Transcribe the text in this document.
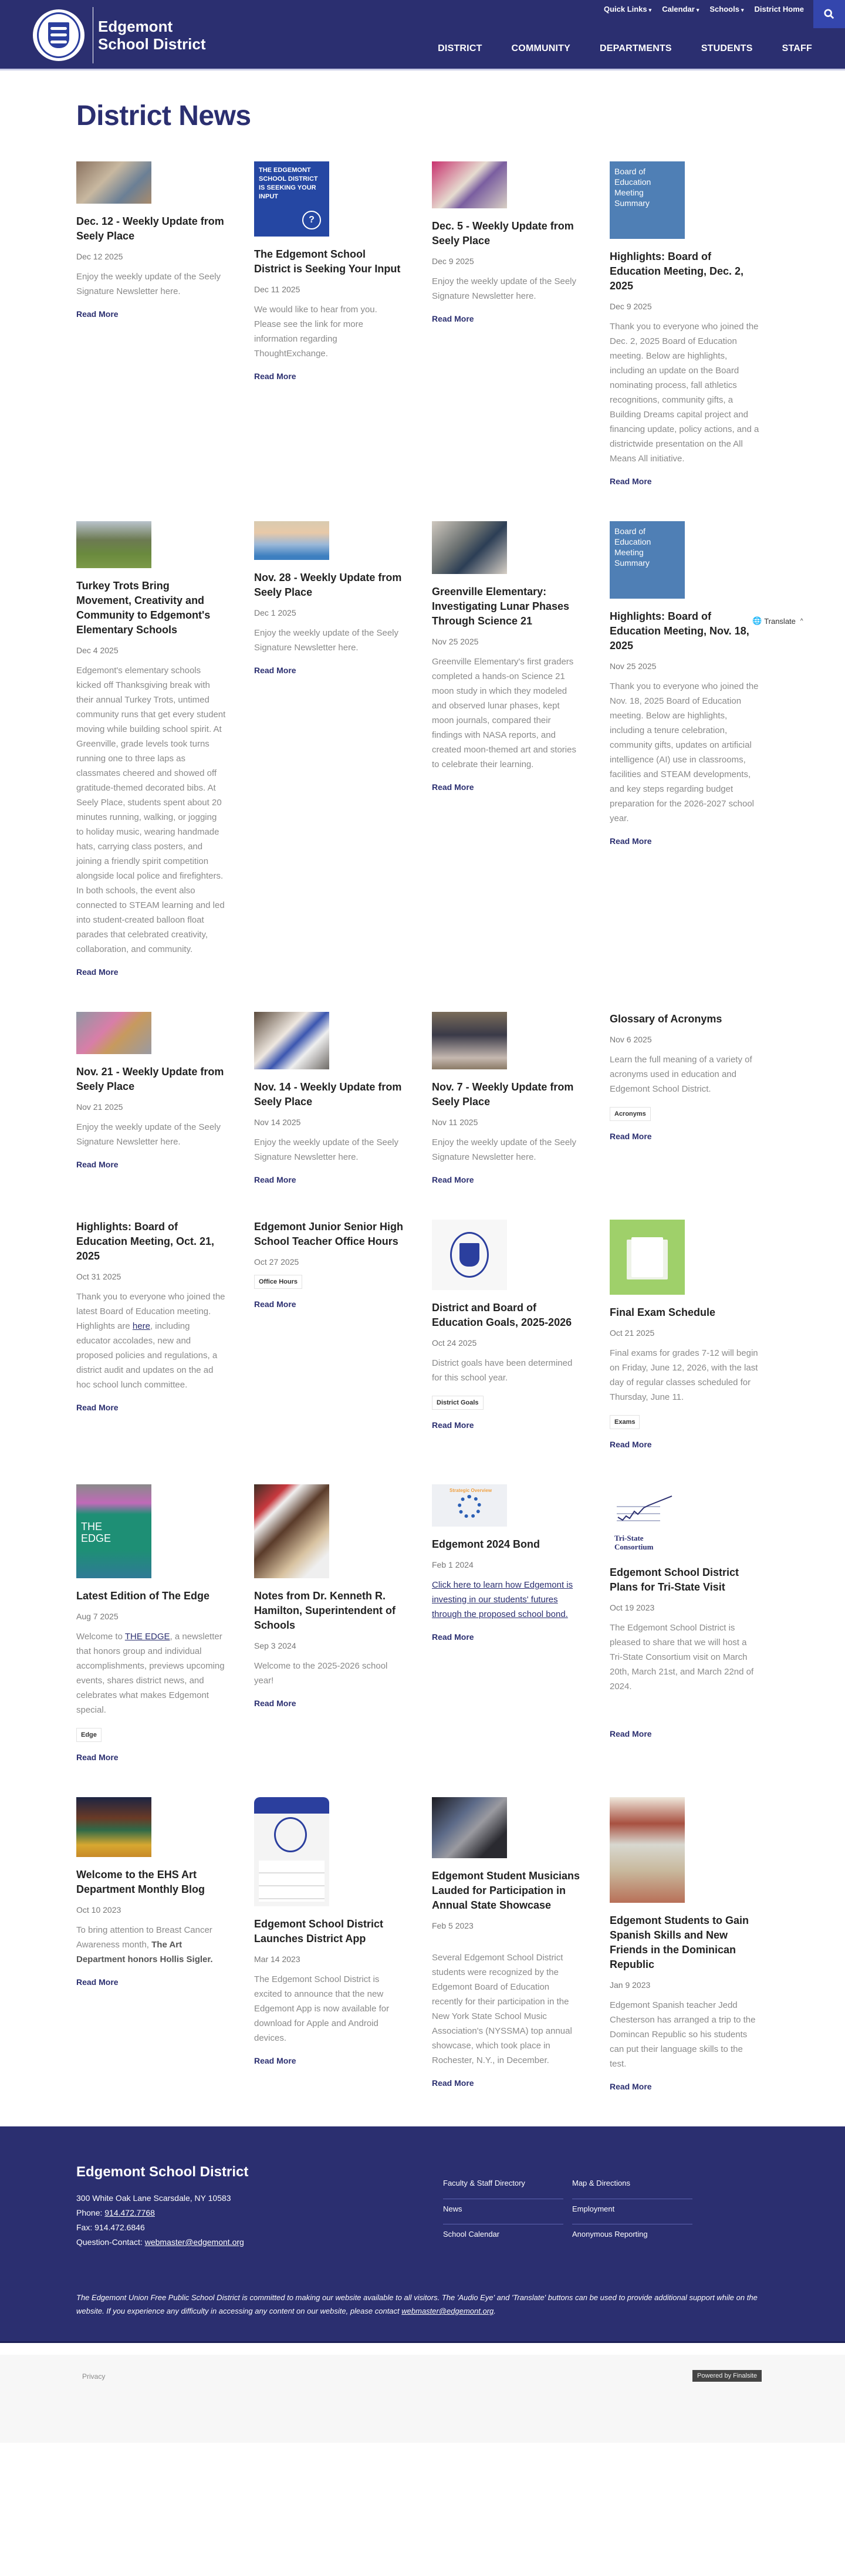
Edgemont
School District
Quick Links ▾ Calendar ▾ Schools ▾ District Home
DISTRICT	COMMUNITY	DEPARTMENTS	STUDENTS	STAFF
District News
Dec. 12 - Weekly Update from Seely Place
Dec 12 2025

Enjoy the weekly update of the Seely Signature Newsletter here.

Read More
THE EDGEMONT SCHOOL DISTRICT IS SEEKING YOUR INPUT
?
The Edgemont School District is Seeking Your Input
Dec 11 2025

We would like to hear from you. Please see the link for more information regarding ThoughtExchange.

Read More
Dec. 5 - Weekly Update from Seely Place
Dec 9 2025

Enjoy the weekly update of the Seely Signature Newsletter here.

Read More
Board of Education Meeting Summary
Highlights: Board of Education Meeting, Dec. 2, 2025
Dec 9 2025

Thank you to everyone who joined the Dec. 2, 2025 Board of Education meeting. Below are highlights, including an update on the Board nominating process, fall athletics recognitions, community gifts, a Building Dreams capital project and financing update, policy actions, and a districtwide presentation on the All Means All initiative.

Read More
Turkey Trots Bring Movement, Creativity and Community to Edgemont's Elementary Schools
Dec 4 2025

Edgemont's elementary schools kicked off Thanksgiving break with their annual Turkey Trots, untimed community runs that get every student moving while building school spirit. At Greenville, grade levels took turns running one to three laps as classmates cheered and showed off gratitude-themed decorated bibs. At Seely Place, students spent about 20 minutes running, walking, or jogging to holiday music, wearing handmade hats, carrying class posters, and joining a friendly spirit competition alongside local police and firefighters. In both schools, the event also connected to STEAM learning and led into student-created balloon float parades that celebrated creativity, collaboration, and community.

Read More
Nov. 28 - Weekly Update from Seely Place
Dec 1 2025

Enjoy the weekly update of the Seely Signature Newsletter here.

Read More
Greenville Elementary: Investigating Lunar Phases Through Science 21
Nov 25 2025

Greenville Elementary's first graders completed a hands-on Science 21 moon study in which they modeled and observed lunar phases, kept moon journals, compared their findings with NASA reports, and created moon-themed art and stories to celebrate their learning.

Read More
Board of Education Meeting Summary
Highlights: Board of Education Meeting, Nov. 18, 2025
Nov 25 2025

Thank you to everyone who joined the Nov. 18, 2025 Board of Education meeting. Below are highlights, including a tenure celebration, community gifts, updates on artificial intelligence (AI) use in classrooms, facilities and STEAM developments, and key steps regarding budget preparation for the 2026-2027 school year.

Read More
Nov. 21 - Weekly Update from Seely Place
Nov 21 2025

Enjoy the weekly update of the Seely Signature Newsletter here.

Read More
Nov. 14 - Weekly Update from Seely Place
Nov 14 2025

Enjoy the weekly update of the Seely Signature Newsletter here.

Read More
Nov. 7 - Weekly Update from Seely Place
Nov 11 2025

Enjoy the weekly update of the Seely Signature Newsletter here.

Read More
Glossary of Acronyms
Nov 6 2025

Learn the full meaning of a variety of acronyms used in education and Edgemont School District.

Acronyms
Read More
Highlights: Board of Education Meeting, Oct. 21, 2025
Oct 31 2025

Thank you to everyone who joined the latest Board of Education meeting. Highlights are here, including educator accolades, new and proposed policies and regulations, a district audit and updates on the ad hoc school lunch committee.

Read More
Edgemont Junior Senior High School Teacher Office Hours
Oct 27 2025
Office Hours
Read More	District and Board of Education Goals, 2025-2026
Oct 24 2025

District goals have been determined for this school year.

District Goals
Read More
Final Exam Schedule
Oct 21 2025

Final exams for grades 7-12 will begin on Friday, June 12, 2026, with the last day of regular classes scheduled for Thursday, June 11.

Exams
Read More
THE EDGE
Latest Edition of The Edge
Aug 7 2025

Welcome to THE EDGE, a newsletter that honors group and individual accomplishments, previews upcoming events, shares district news, and celebrates what makes Edgemont special.

Edge
Read More
Notes from Dr. Kenneth R. Hamilton, Superintendent of Schools
Sep 3 2024

Welcome to the 2025-2026 school year!

Read More
Strategic Overview
Edgemont 2024 Bond
Feb 1 2024

Click here to learn how Edgemont is investing in our students' futures through the proposed school bond.

Read More
Tri-State Consortium
Edgemont School District Plans for Tri-State Visit
Oct 19 2023

The Edgemont School District is pleased to share that we will host a Tri-State Consortium visit on March 20th, March 21st, and March 22nd of 2024.

Read More
Welcome to the EHS Art Department Monthly Blog
Oct 10 2023

To bring attention to Breast Cancer Awareness month, The Art Department honors Hollis Sigler.

Read More
Edgemont School District Launches District App
Mar 14 2023

The Edgemont School District is excited to announce that the new Edgemont App is now available for download for Apple and Android devices.

Read More
Edgemont Student Musicians Lauded for Participation in Annual State Showcase
Feb 5 2023

Several Edgemont School District students were recognized by the Edgemont Board of Education recently for their participation in the New York State School Music Association's (NYSSMA) top annual showcase, which took place in Rochester, N.Y., in December.

Read More
Edgemont Students to Gain Spanish Skills and New Friends in the Dominican Republic
Jan 9 2023

Edgemont Spanish teacher Jedd Chesterson has arranged a trip to the Domincan Republic so his students can put their language skills to the test.

Read More
🌐 Translate ^
Edgemont School District

300 White Oak Lane Scarsdale, NY 10583

Phone: 914.472.7768

Fax: 914.472.6846

Question-Contact: webmaster@edgemont.org

Faculty & Staff Directory	Map & Directions
News	Employment
School Calendar	Anonymous Reporting

The Edgemont Union Free Public School District is committed to making our website available to all visitors. The 'Audio Eye' and 'Translate' buttons can be used to provide additional support while on the website. If you experience any difficulty in accessing any content on our website, please contact webmaster@edgemont.org.

Privacy	Powered by Finalsite
